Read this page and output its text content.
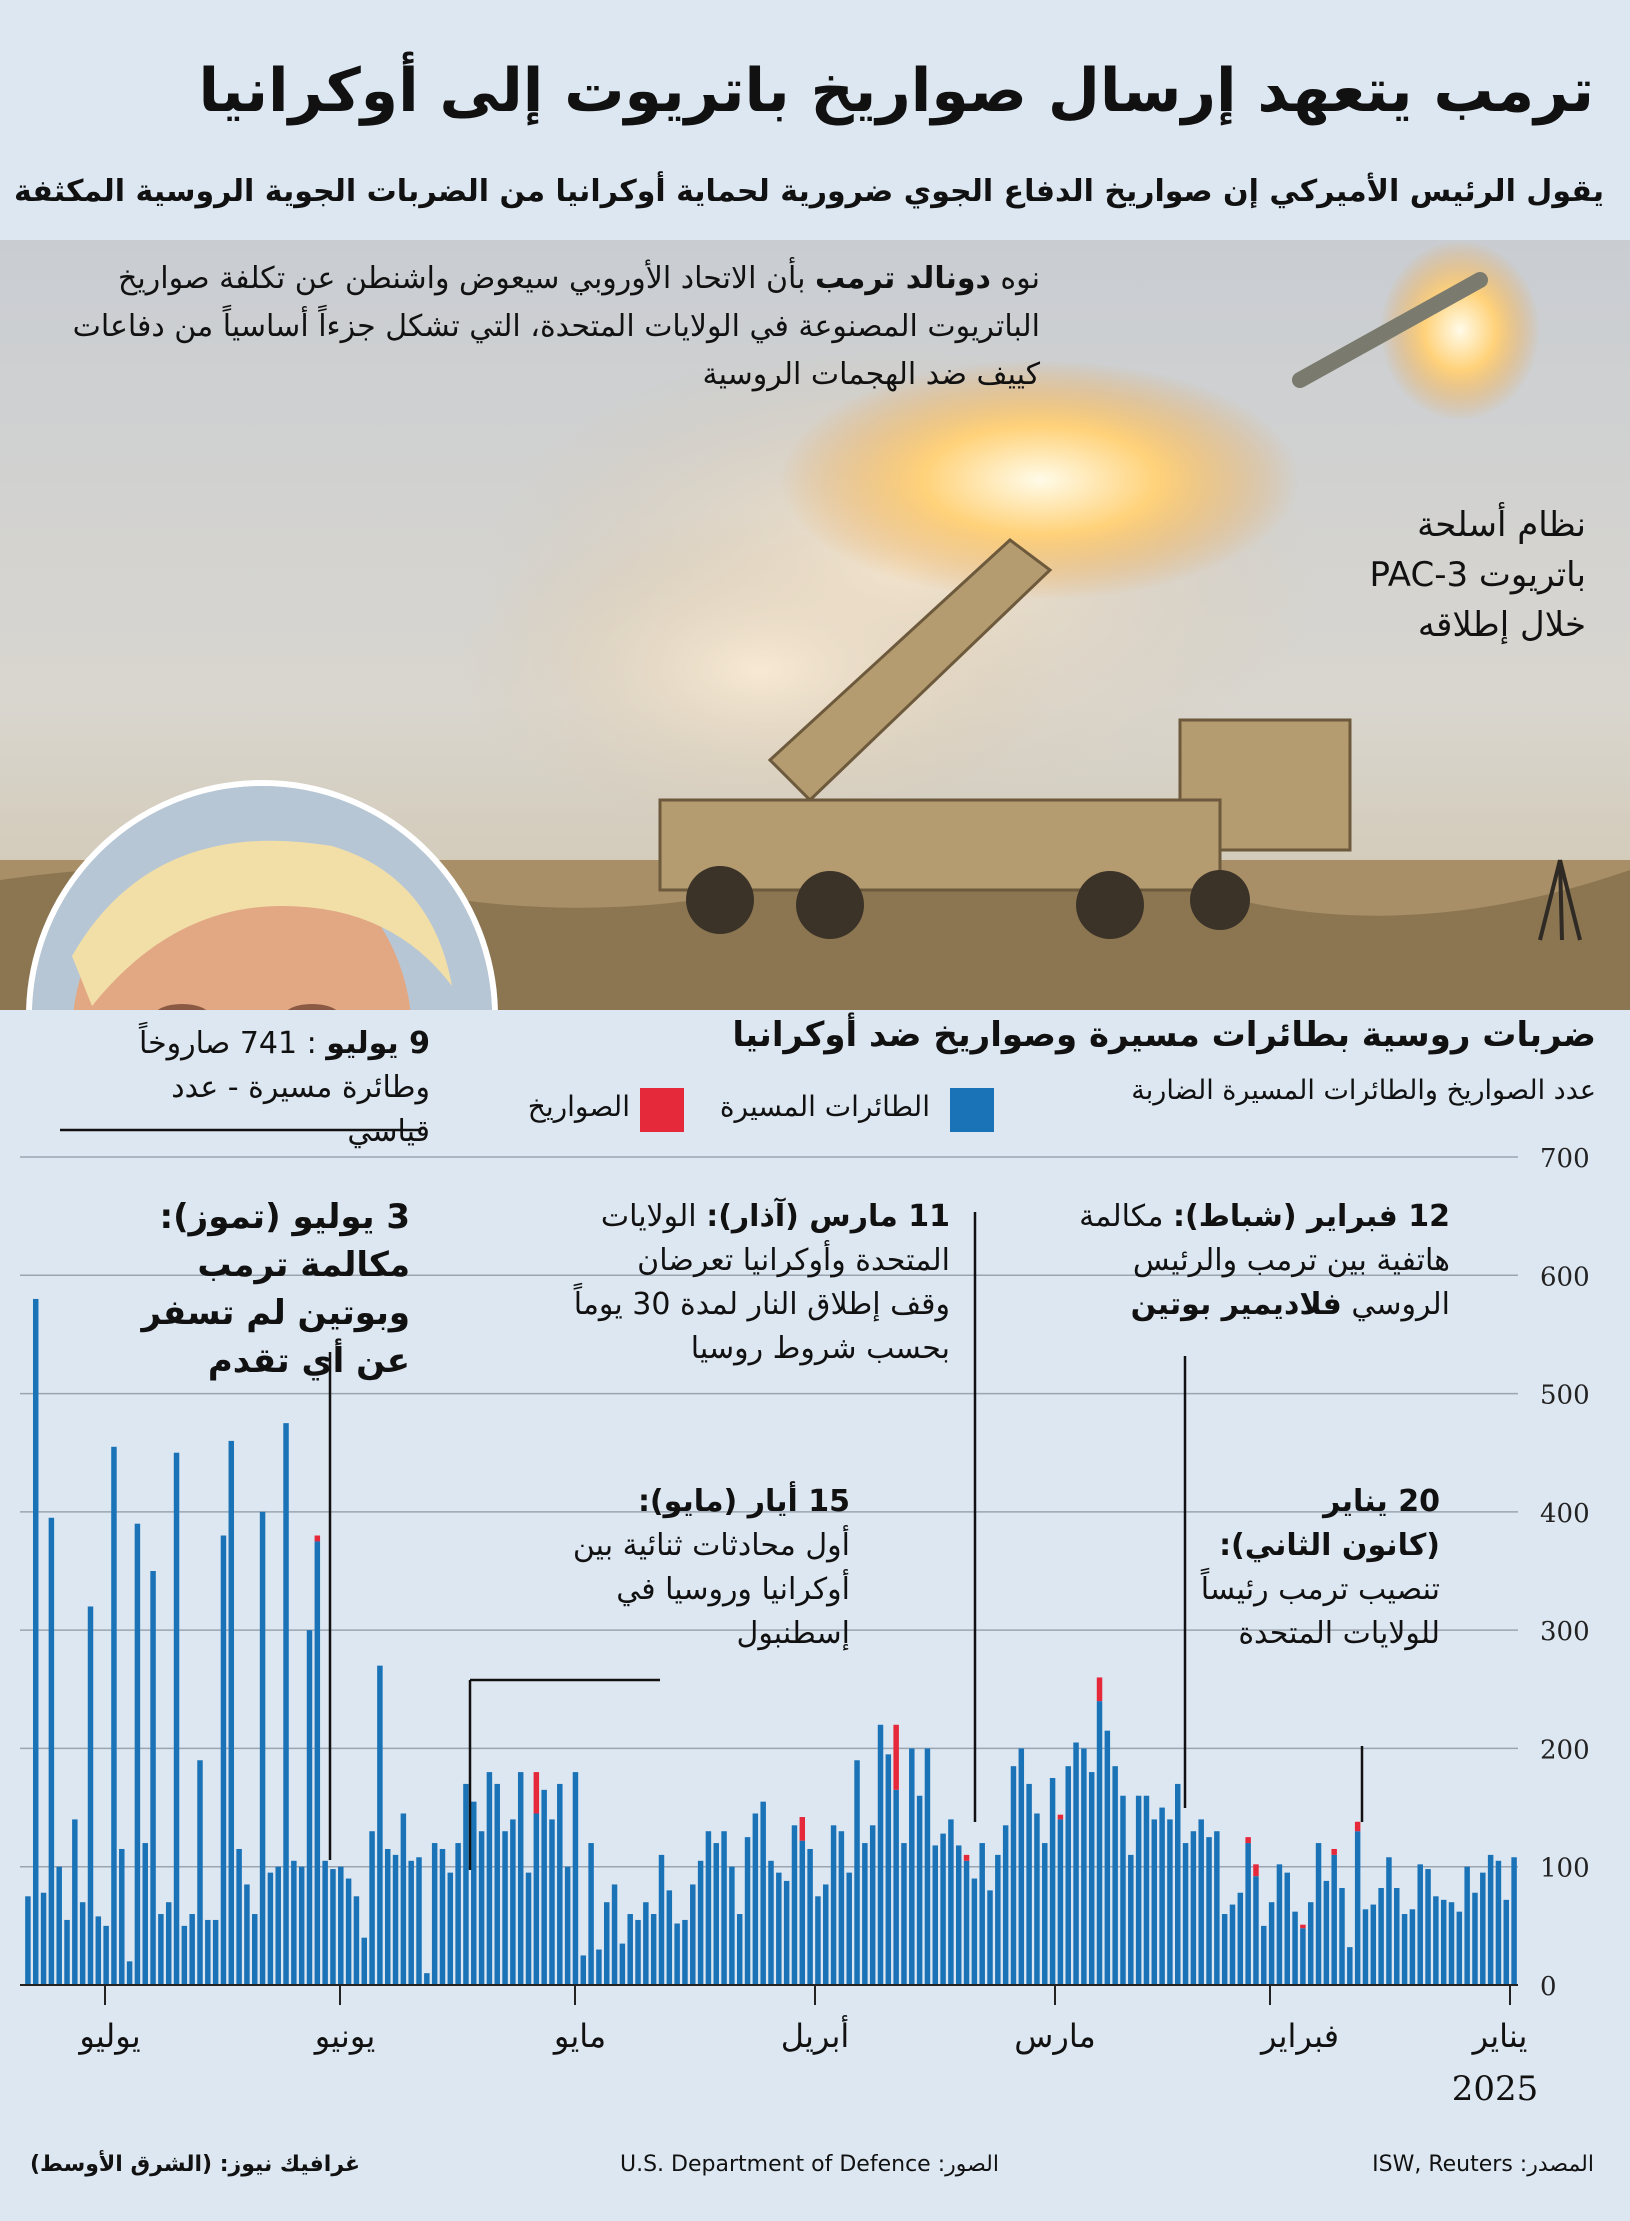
ترمب يتعهد إرسال صواريخ باتريوت إلى أوكرانيا
يقول الرئيس الأميركي إن صواريخ الدفاع الجوي ضرورية لحماية أوكرانيا من الضربات الجوية الروسية المكثفة
نوه دونالد ترمب بأن الاتحاد الأوروبي سيعوض واشنطن عن تكلفة صواريخ الباتريوت المصنوعة في الولايات المتحدة، التي تشكل جزءاً أساسياً من دفاعات كييف ضد الهجمات الروسية
نظام أسلحة
باتريوت PAC-3
خلال إطلاقه
ضربات روسية بطائرات مسيرة وصواريخ ضد أوكرانيا
عدد الصواريخ والطائرات المسيرة الضاربة
الطائرات المسيرة
الصواريخ
0
100
200
300
400
500
600
700
يناير
فبراير
مارس
أبريل
مايو
يونيو
يوليو
2025
20 يناير
(كانون الثاني):
تنصيب ترمب رئيساً للولايات المتحدة
12 فبراير (شباط): مكالمة هاتفية بين ترمب والرئيس الروسي فلاديمير بوتين
11 مارس (آذار): الولايات المتحدة وأوكرانيا تعرضان وقف إطلاق النار لمدة 30 يوماً بحسب شروط روسيا
15 أيار (مايو):
أول محادثات ثنائية بين أوكرانيا وروسيا في إسطنبول
3 يوليو (تموز): مكالمة ترمب وبوتين لم تسفر عن أي تقدم
9 يوليو : 741 صاروخاً وطائرة مسيرة - عدد قياسي
المصدر: ISW, Reuters
الصور: U.S. Department of Defence
غرافيك نيوز: (الشرق الأوسط)
